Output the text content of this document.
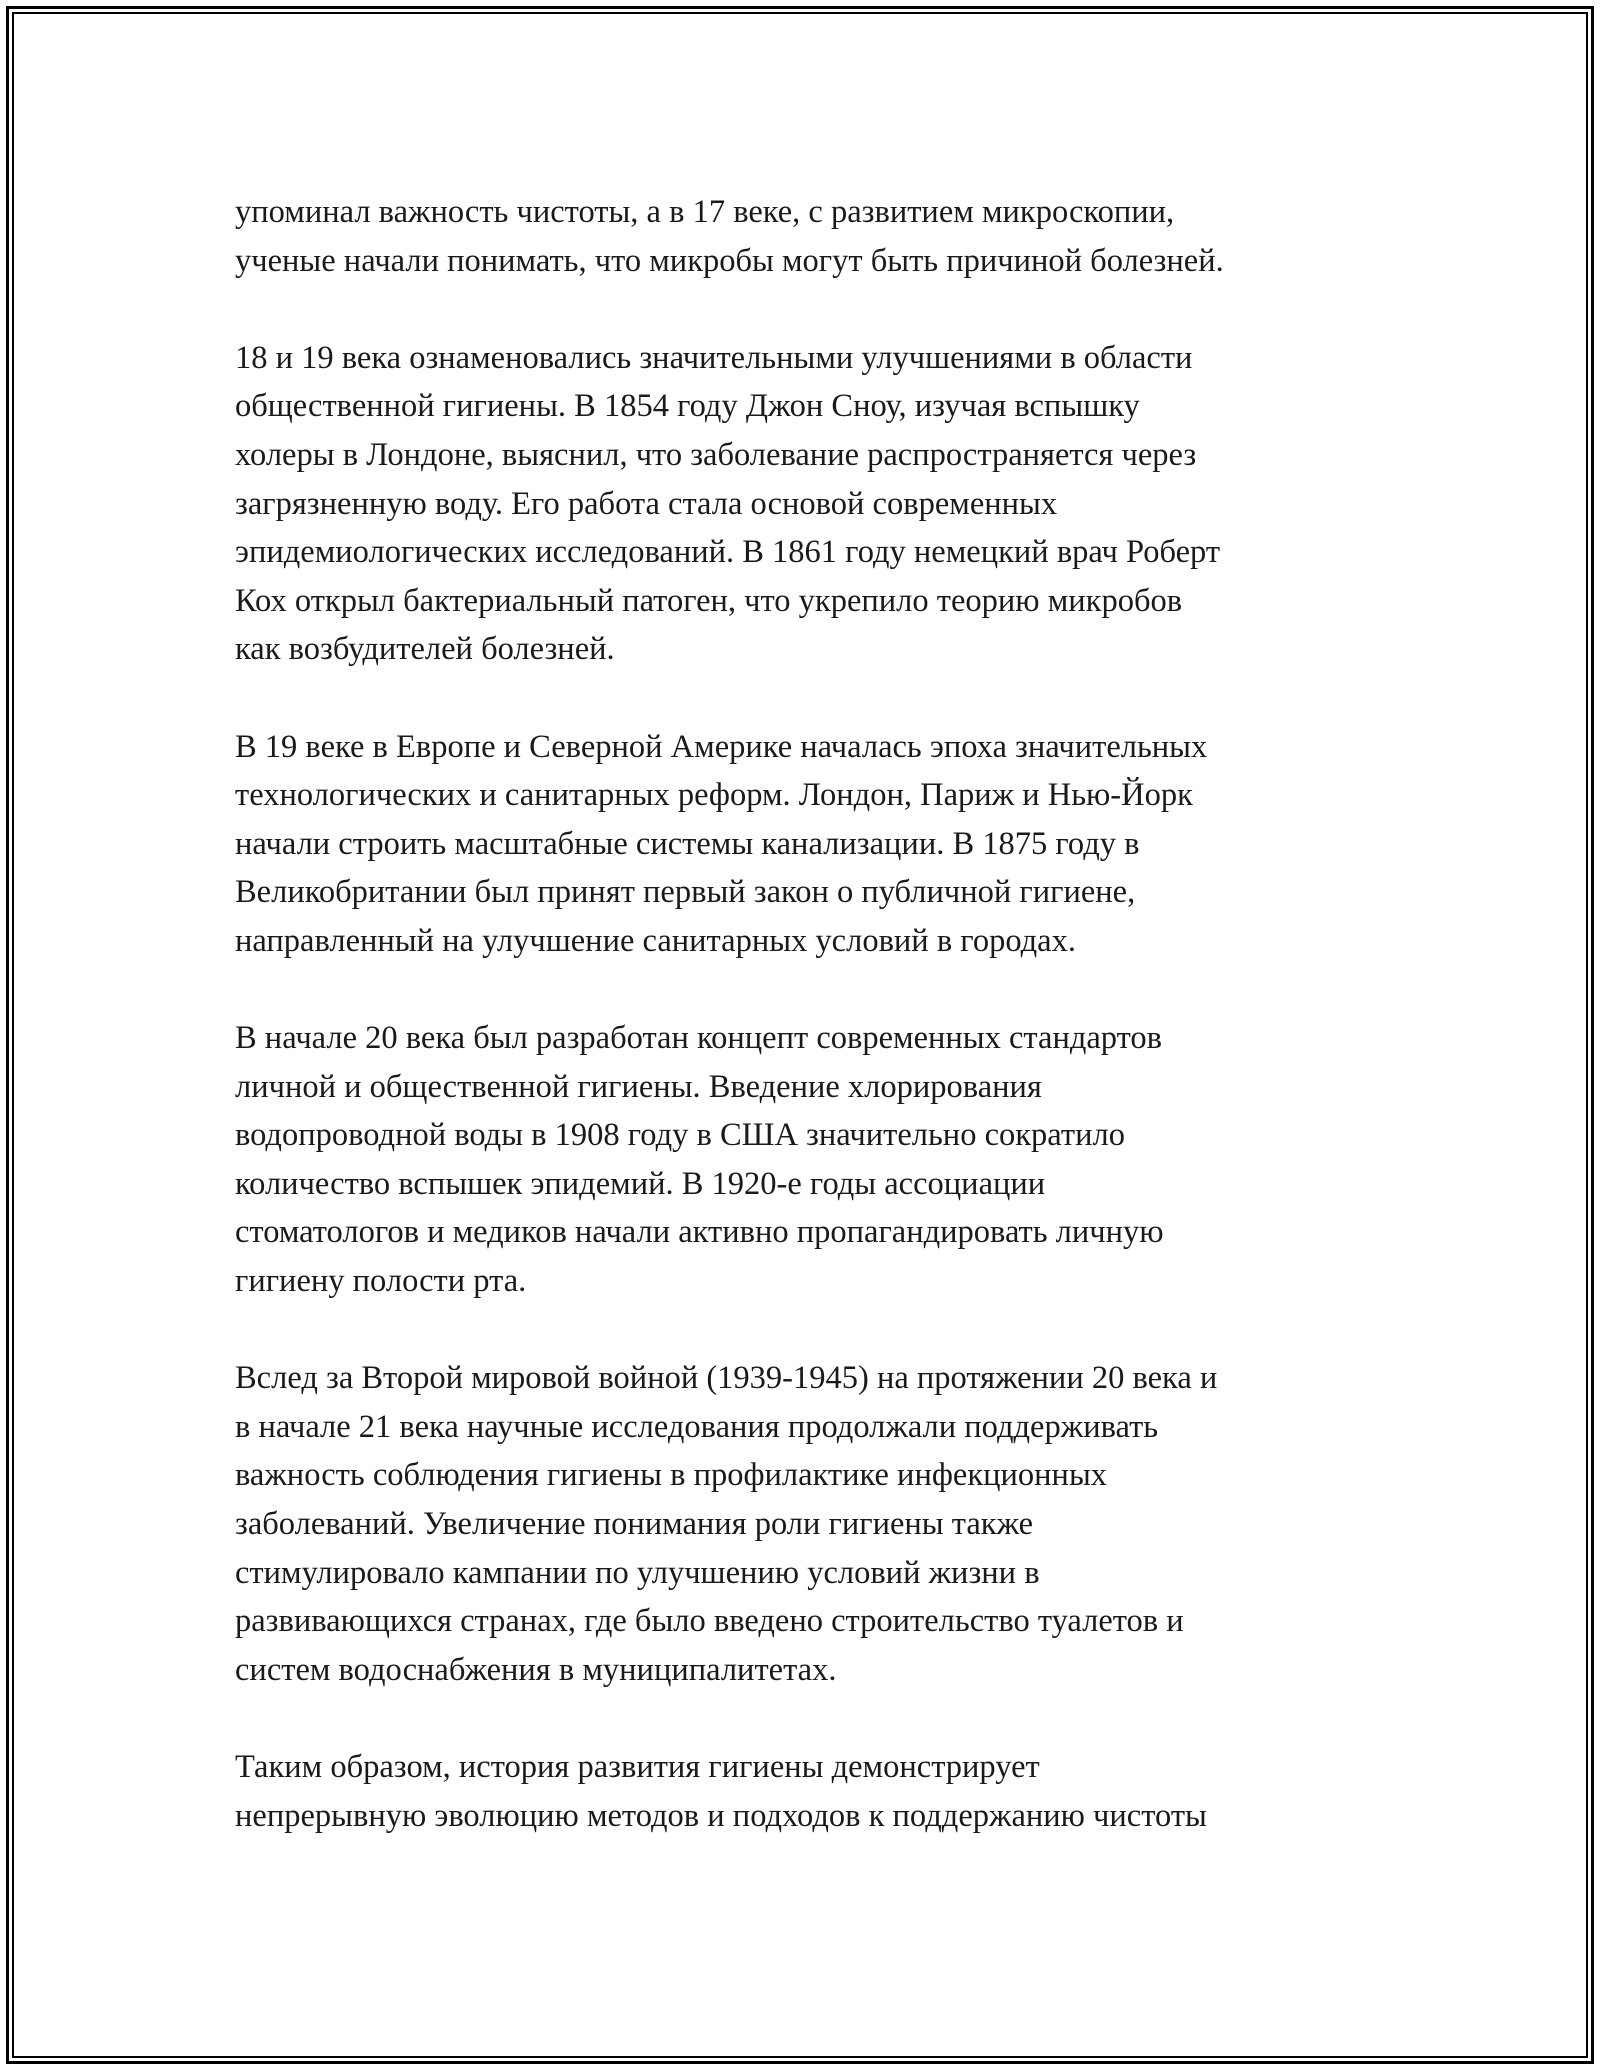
упоминал важность чистоты, а в 17 веке, с развитием микроскопии,
ученые начали понимать, что микробы могут быть причиной болезней.

18 и 19 века ознаменовались значительными улучшениями в области
общественной гигиены. В 1854 году Джон Сноу, изучая вспышку
холеры в Лондоне, выяснил, что заболевание распространяется через
загрязненную воду. Его работа стала основой современных
эпидемиологических исследований. В 1861 году немецкий врач Роберт
Кох открыл бактериальный патоген, что укрепило теорию микробов
как возбудителей болезней.

В 19 веке в Европе и Северной Америке началась эпоха значительных
технологических и санитарных реформ. Лондон, Париж и Нью-Йорк
начали строить масштабные системы канализации. В 1875 году в
Великобритании был принят первый закон о публичной гигиене,
направленный на улучшение санитарных условий в городах.

В начале 20 века был разработан концепт современных стандартов
личной и общественной гигиены. Введение хлорирования
водопроводной воды в 1908 году в США значительно сократило
количество вспышек эпидемий. В 1920-е годы ассоциации
стоматологов и медиков начали активно пропагандировать личную
гигиену полости рта.

Вслед за Второй мировой войной (1939-1945) на протяжении 20 века и
в начале 21 века научные исследования продолжали поддерживать
важность соблюдения гигиены в профилактике инфекционных
заболеваний. Увеличение понимания роли гигиены также
стимулировало кампании по улучшению условий жизни в
развивающихся странах, где было введено строительство туалетов и
систем водоснабжения в муниципалитетах.

Таким образом, история развития гигиены демонстрирует
непрерывную эволюцию методов и подходов к поддержанию чистоты
